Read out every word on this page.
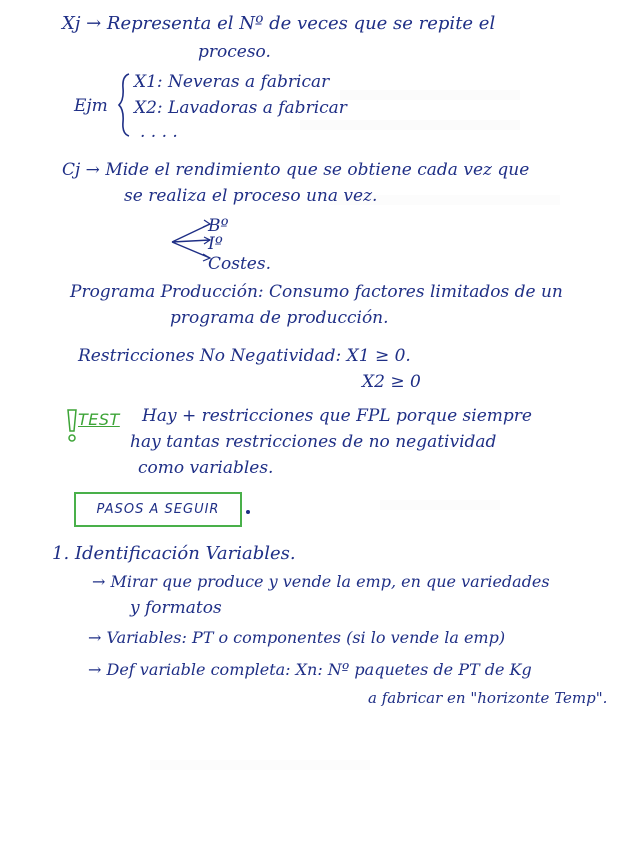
Xj → Representa el Nº de veces que se repite el
proceso.
Ejm
X1: Neveras a fabricar
X2: Lavadoras a fabricar
. . . .
Cj → Mide el rendimiento que se obtiene cada vez que
se realiza el proceso una vez.
Bº
Iº
Costes.
Programa Producción: Consumo factores limitados de un
programa de producción.
Restricciones No Negatividad: X1 ≥ 0.
X2 ≥ 0
TEST Hay + restricciones que FPL porque siempre
hay tantas restricciones de no negatividad
como variables.
PASOS A SEGUIR
1. Identificación Variables.
→ Mirar que produce y vende la emp, en que variedades
y formatos
→ Variables: PT o componentes (si lo vende la emp)
→ Def variable completa: Xn: Nº paquetes de PT de Kg
a fabricar en "horizonte Temp".
